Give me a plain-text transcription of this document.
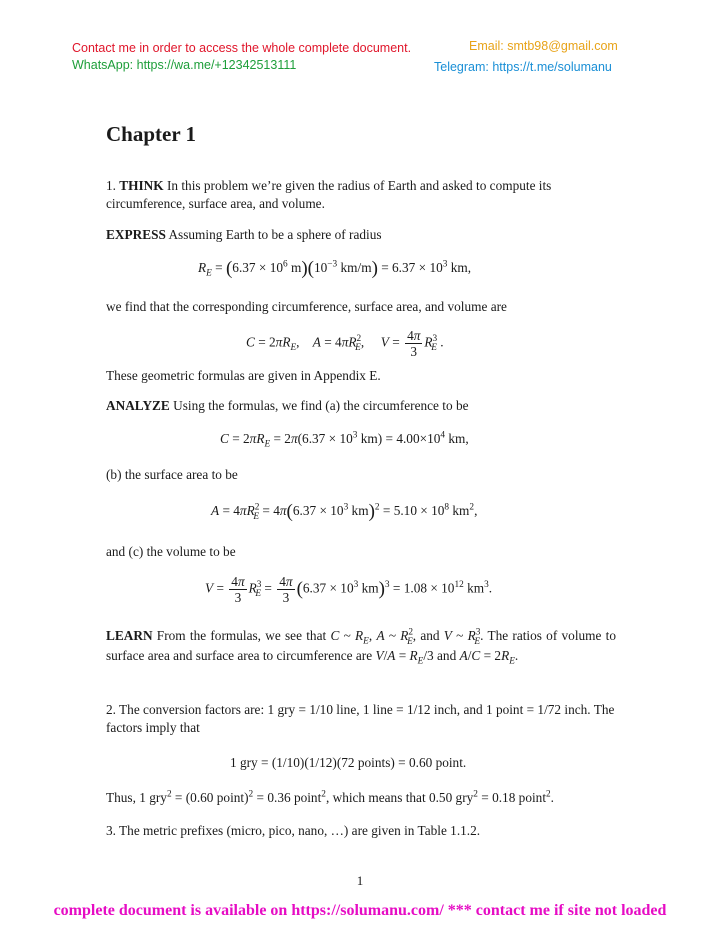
Contact me in order to access the whole complete document.
WhatsApp: https://wa.me/+12342513111
Email: smtb98@gmail.com
Telegram: https://t.me/solumanu
Chapter 1
1. THINK In this problem we’re given the radius of Earth and asked to compute its circumference, surface area, and volume.
EXPRESS Assuming Earth to be a sphere of radius
$R_E = (6.37 \times 10^6$ $m)(10^{-3}$ $km/m) = 6.37 \times 10^3$ km,
we find that the corresponding circumference, surface area, and volume are
$C = 2\pi R_E$,    $A = 4\pi R^2_E$,     $V = \frac{4\pi}{3} R^3_E$ .
These geometric formulas are given in Appendix E.
ANALYZE Using the formulas, we find (a) the circumference to be
$C = 2\pi R_E = 2\pi(6.37 \times 10^3$ $km) = 4.00\times 10^4$ km,
(b) the surface area to be
$A = 4\pi R^2_E = 4\pi(6.37 \times 10^3$ $km)^2 = 5.10 \times 10^8$ $km^2$,
and (c) the volume to be
$V = \frac{4\pi}{3} R^3_E = \frac{4\pi}{3} (6.37 \times 10^3$ $km)^3 = 1.08 \times 10^{12}$ $km^3$.
LEARN From the formulas, we see that C ~ $R_E$, A ~ $R^2_E$, and V ~ $R^3_E$. The ratios of volume to surface area and surface area to circumference are $V/A = R_E/3$ and $A/C = 2R_E$.
2. The conversion factors are: 1 gry = 1/10 line, 1 line = 1/12 inch, and 1 point = 1/72 inch. The factors imply that
1 gry = (1/10)(1/12)(72 points) = 0.60 point.
Thus, 1 gry$^2$ = (0.60 point)$^2$ = 0.36 point$^2$, which means that 0.50 gry$^2$ = 0.18 point$^2$.
3. The metric prefixes (micro, pico, nano, …) are given in Table 1.1.2.
1
complete document is available on https://solumanu.com/ *** contact me if site not loaded
